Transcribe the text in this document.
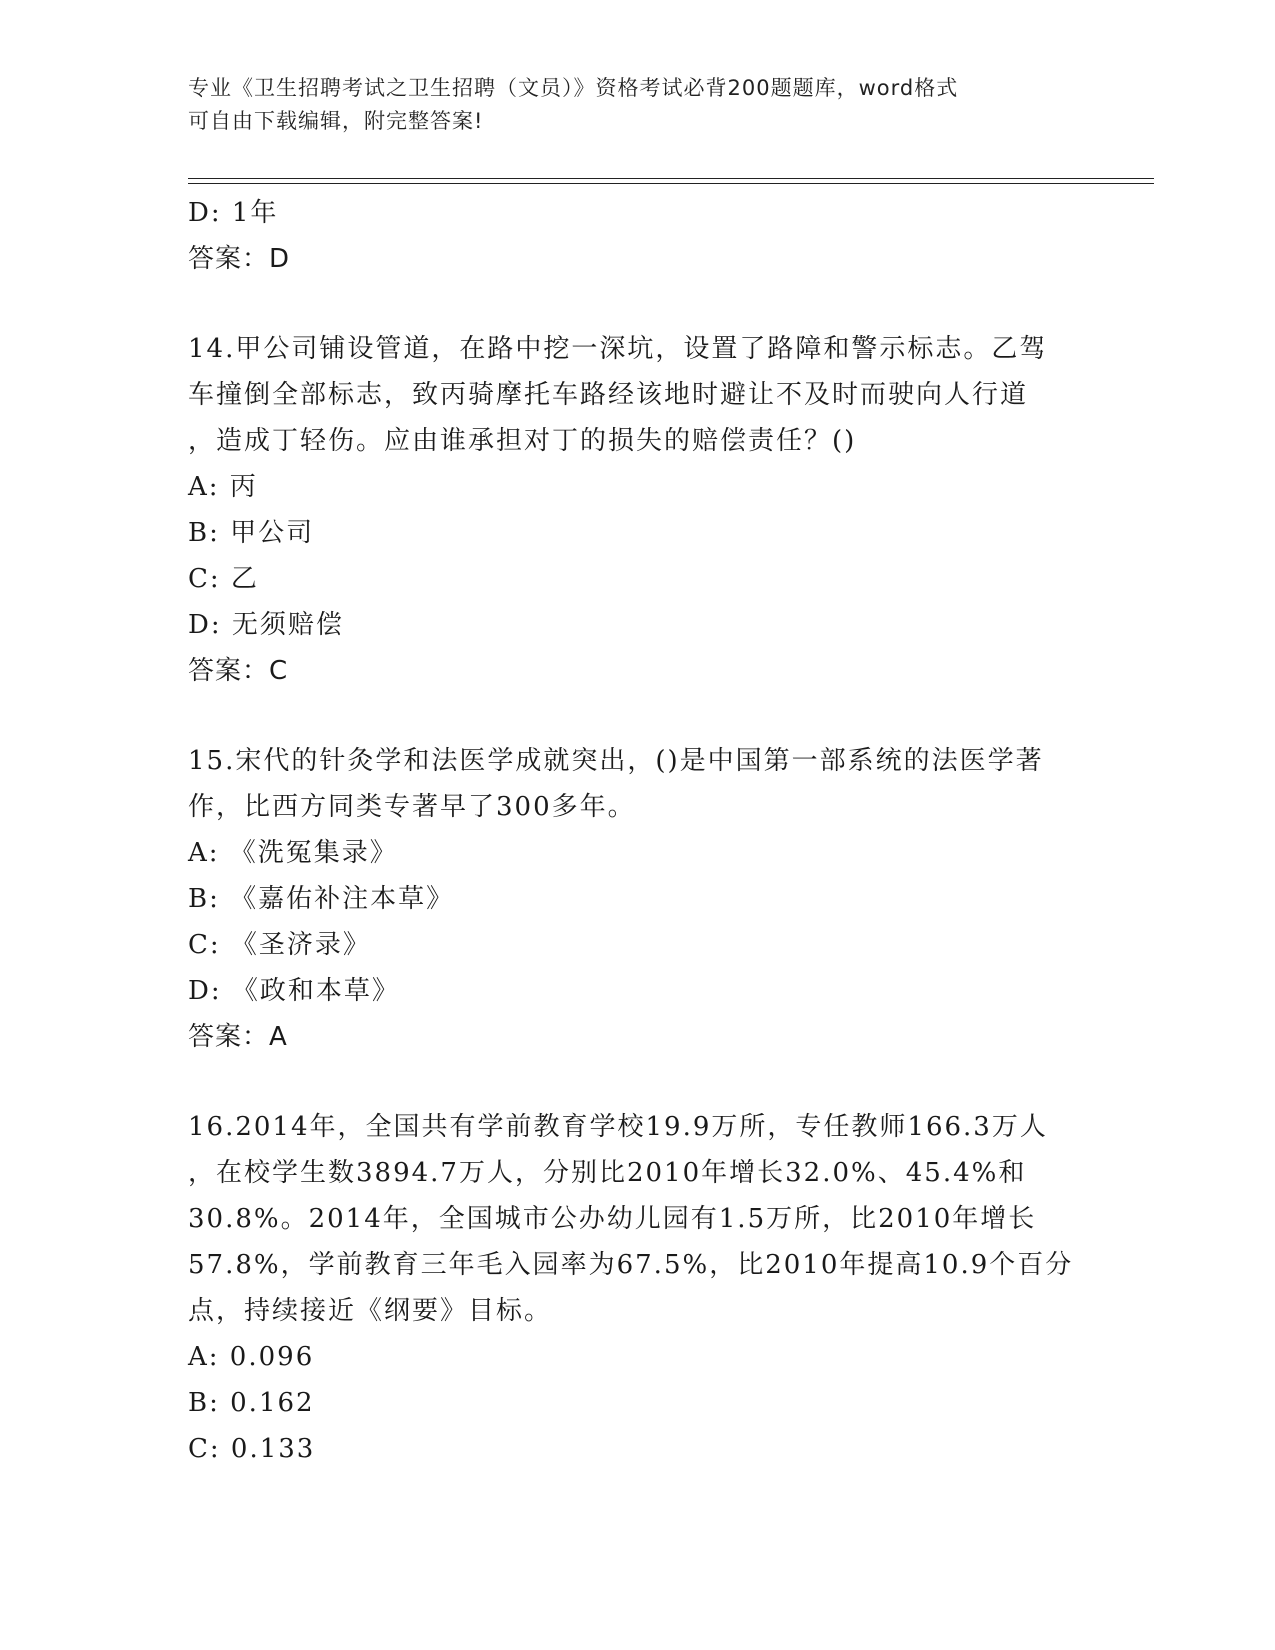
专业《卫生招聘考试之卫生招聘（文员）》资格考试必背200题题库，word格式
可自由下载编辑，附完整答案!
D: 1年
答案：D
14.甲公司铺设管道，在路中挖一深坑，设置了路障和警示标志。乙驾
车撞倒全部标志，致丙骑摩托车路经该地时避让不及时而驶向人行道
，造成丁轻伤。应由谁承担对丁的损失的赔偿责任？()
A: 丙
B: 甲公司
C: 乙
D: 无须赔偿
答案：C
15.宋代的针灸学和法医学成就突出，()是中国第一部系统的法医学著
作，比西方同类专著早了300多年。
A: 《洗冤集录》
B: 《嘉佑补注本草》
C: 《圣济录》
D: 《政和本草》
答案：A
16.2014年，全国共有学前教育学校19.9万所，专任教师166.3万人
，在校学生数3894.7万人，分别比2010年增长32.0%、45.4%和
30.8%。2014年，全国城市公办幼儿园有1.5万所，比2010年增长
57.8%，学前教育三年毛入园率为67.5%，比2010年提高10.9个百分
点，持续接近《纲要》目标。
A: 0.096
B: 0.162
C: 0.133
